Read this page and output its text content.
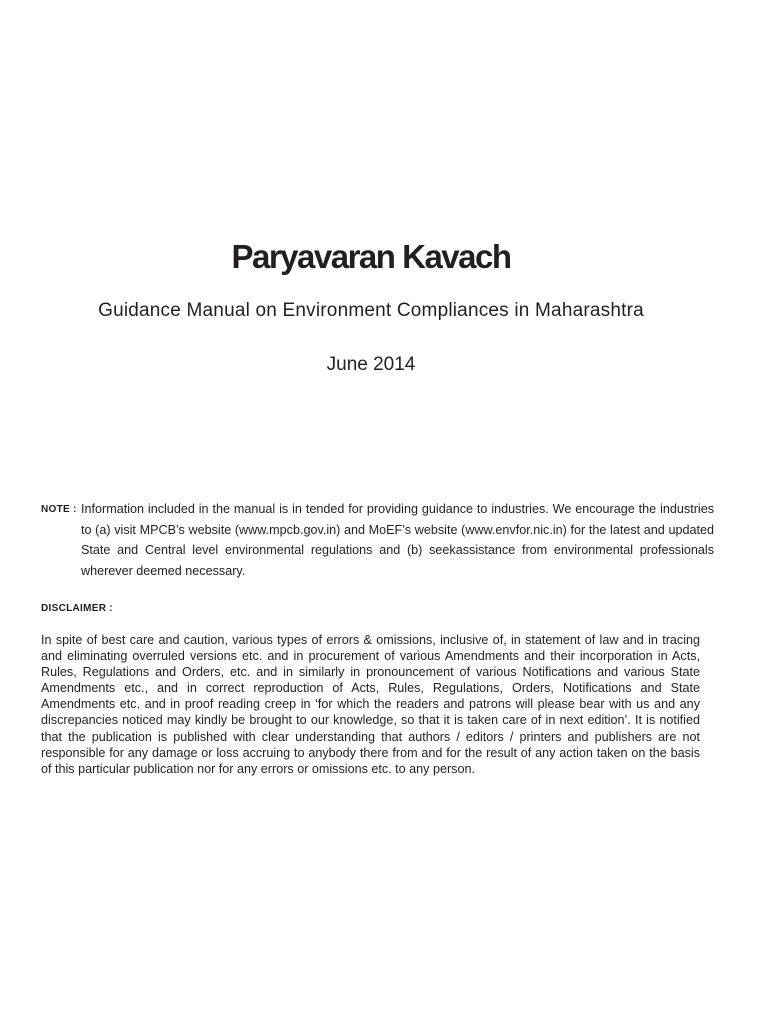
Paryavaran Kavach

Guidance Manual on Environment Compliances in Maharashtra

June 2014

NOTE : Information included in the manual is in tended for providing guidance to industries. We encourage the industries to (a) visit MPCB’s website (www.mpcb.gov.in) and MoEF’s website (www.envfor.nic.in) for the latest and updated State and Central level environmental regulations and (b) seekassistance from environmental professionals wherever deemed necessary.

DISCLAIMER :

In spite of best care and caution, various types of errors & omissions, inclusive of, in statement of law and in tracing and eliminating overruled versions etc. and in procurement of various Amendments and their incorporation in Acts, Rules, Regulations and Orders, etc. and in similarly in pronouncement of various Notifications and various State Amendments etc., and in correct reproduction of Acts, Rules, Regulations, Orders, Notifications and State Amendments etc. and in proof reading creep in ‘for which the readers and patrons will please bear with us and any discrepancies noticed may kindly be brought to our knowledge, so that it is taken care of in next edition’. It is notified that the publication is published with clear understanding that authors / editors / printers and publishers are not responsible for any damage or loss accruing to anybody there from and for the result of any action taken on the basis of this particular publication nor for any errors or omissions etc. to any person.
